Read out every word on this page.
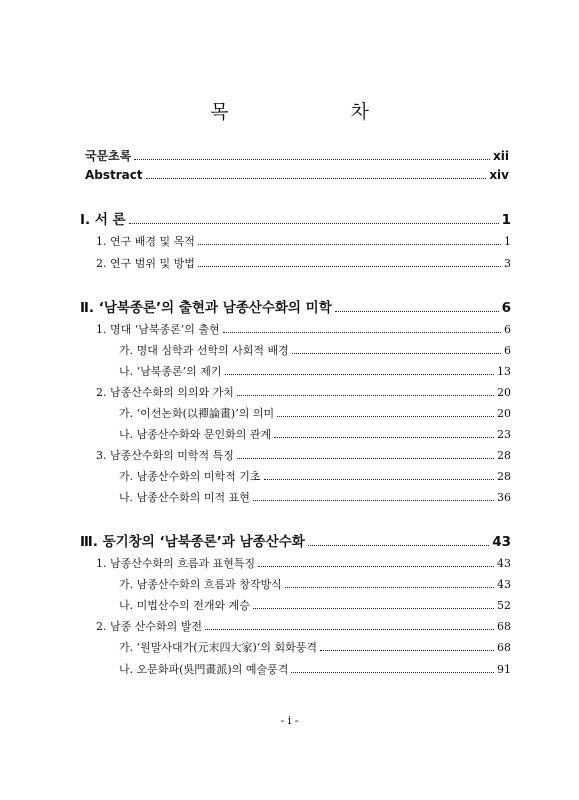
목 차
국문초록	xii
Abstract	xiv
Ⅰ. 서 론	1
1. 연구 배경 및 목적	1
2. 연구 범위 및 방법	3
Ⅱ. ‘남북종론’의 출현과 남종산수화의 미학	6
1. 명대 ‘남북종론’의 출현	6
가. 명대 심학과 선학의 사회적 배경	6
나. ‘남북종론’의 제기	13
2. 남종산수화의 의의와 가치	20
가. ‘이선논화(以禪論畫)’의 의미	20
나. 남종산수화와 문인화의 관계	23
3. 남종산수화의 미학적 특징	28
가. 남종산수화의 미학적 기초	28
나. 남종산수화의 미적 표현	36
Ⅲ. 동기창의 ‘남북종론’과 남종산수화	43
1. 남종산수화의 흐름과 표현특징	43
가. 남종산수화의 흐름과 창작방식	43
나. 미법산수의 전개와 계승	52
2. 남종 산수화의 발전	68
가. ‘원말사대가(元末四大家)’의 회화풍격	68
나. 오문화파(吳門畫派)의 예술풍격	91
- i -
